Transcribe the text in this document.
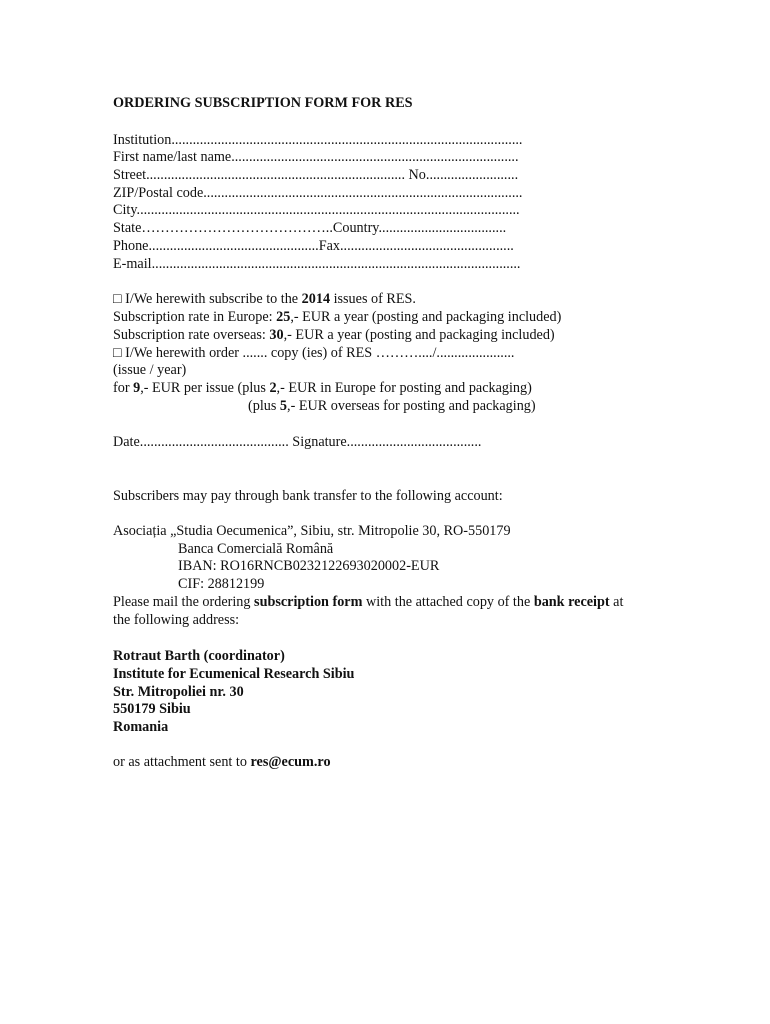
ORDERING SUBSCRIPTION FORM FOR RES
Institution...................................................................................................
First name/last name.................................................................................
Street......................................................................... No..........................
ZIP/Postal code..........................................................................................
City............................................................................................................
State…………………………………..Country....................................
Phone................................................Fax.................................................
E-mail........................................................................................................
□ I/We herewith subscribe to the 2014 issues of RES.
Subscription rate in Europe: 25,- EUR a year (posting and packaging included)
Subscription rate overseas: 30,- EUR a year (posting and packaging included)
□ I/We herewith order ....... copy (ies) of RES ………..../......................
(issue / year)
for 9,- EUR per issue (plus 2,- EUR in Europe for posting and packaging)
(plus 5,- EUR overseas for posting and packaging)
Date.......................................... Signature......................................
Subscribers may pay through bank transfer to the following account:
Asociația „Studia Oecumenica”, Sibiu, str. Mitropolie 30, RO-550179
Banca Comercială Română
IBAN: RO16RNCB0232122693020002-EUR
CIF: 28812199
Please mail the ordering subscription form with the attached copy of the bank receipt at
the following address:
Rotraut Barth (coordinator)
Institute for Ecumenical Research Sibiu
Str. Mitropoliei nr. 30
550179 Sibiu
Romania
or as attachment sent to res@ecum.ro
